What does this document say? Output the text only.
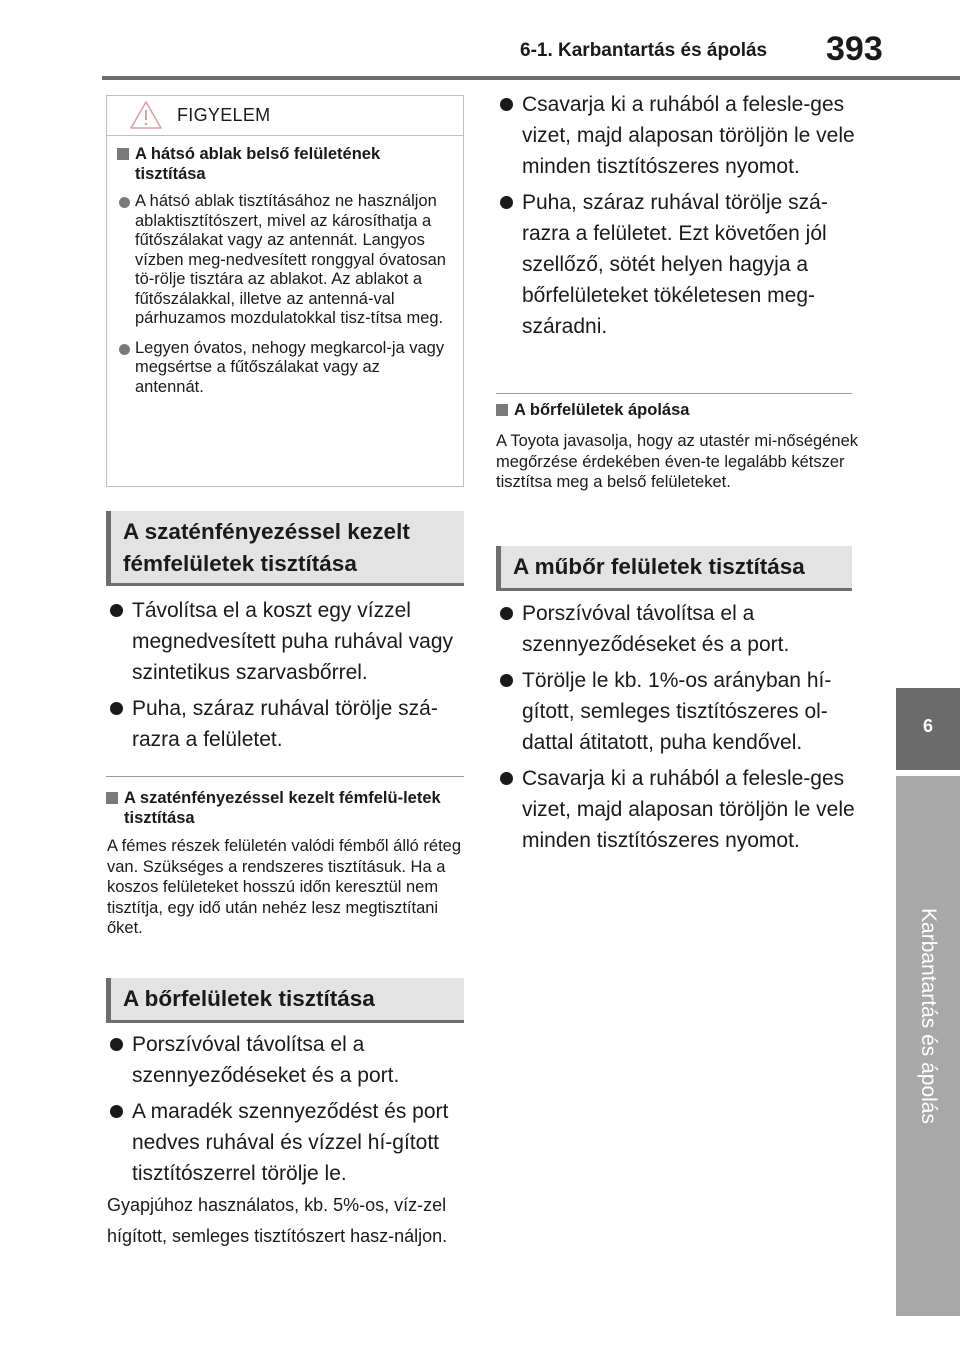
6-1. Karbantartás és ápolás 393
6
Karbantartás és ápolás
FIGYELEM
A hátsó ablak belső felületének tisztítása
A hátsó ablak tisztításához ne használjon ablaktisztítószert, mivel az károsíthatja a fűtőszálakat vagy az antennát. Langyos vízben meg-nedvesített ronggyal óvatosan tö-rölje tisztára az ablakot. Az ablakot a fűtőszálakkal, illetve az antenná-val párhuzamos mozdulatokkal tisz-títsa meg.
Legyen óvatos, nehogy megkarcol-ja vagy megsértse a fűtőszálakat vagy az antennát.
A szaténfényezéssel kezelt
fémfelületek tisztítása
Távolítsa el a koszt egy vízzel megnedvesített puha ruhával vagy szintetikus szarvasbőrrel.
Puha, száraz ruhával törölje szá-razra a felületet.
A szaténfényezéssel kezelt fémfelü-letek tisztítása
A fémes részek felületén valódi fémből álló réteg van. Szükséges a rendszeres tisztításuk. Ha a koszos felületeket hosszú időn keresztül nem tisztítja, egy idő után nehéz lesz megtisztítani őket.
A bőrfelületek tisztítása
Porszívóval távolítsa el a szennyeződéseket és a port.
A maradék szennyeződést és port nedves ruhával és vízzel hí-gított tisztítószerrel törölje le.
Gyapjúhoz használatos, kb. 5%-os, víz-zel hígított, semleges tisztítószert hasz-náljon.
Csavarja ki a ruhából a felesle-ges vizet, majd alaposan töröljön le vele minden tisztítószeres nyomot.
Puha, száraz ruhával törölje szá-razra a felületet. Ezt követően jól szellőző, sötét helyen hagyja a bőrfelületeket tökéletesen meg-száradni.
A bőrfelületek ápolása
A Toyota javasolja, hogy az utastér mi-nőségének megőrzése érdekében éven-te legalább kétszer tisztítsa meg a belső felületeket.
A műbőr felületek tisztítása
Porszívóval távolítsa el a szennyeződéseket és a port.
Törölje le kb. 1%-os arányban hí-gított, semleges tisztítószeres ol-dattal átitatott, puha kendővel.
Csavarja ki a ruhából a felesle-ges vizet, majd alaposan töröljön le vele minden tisztítószeres nyomot.
